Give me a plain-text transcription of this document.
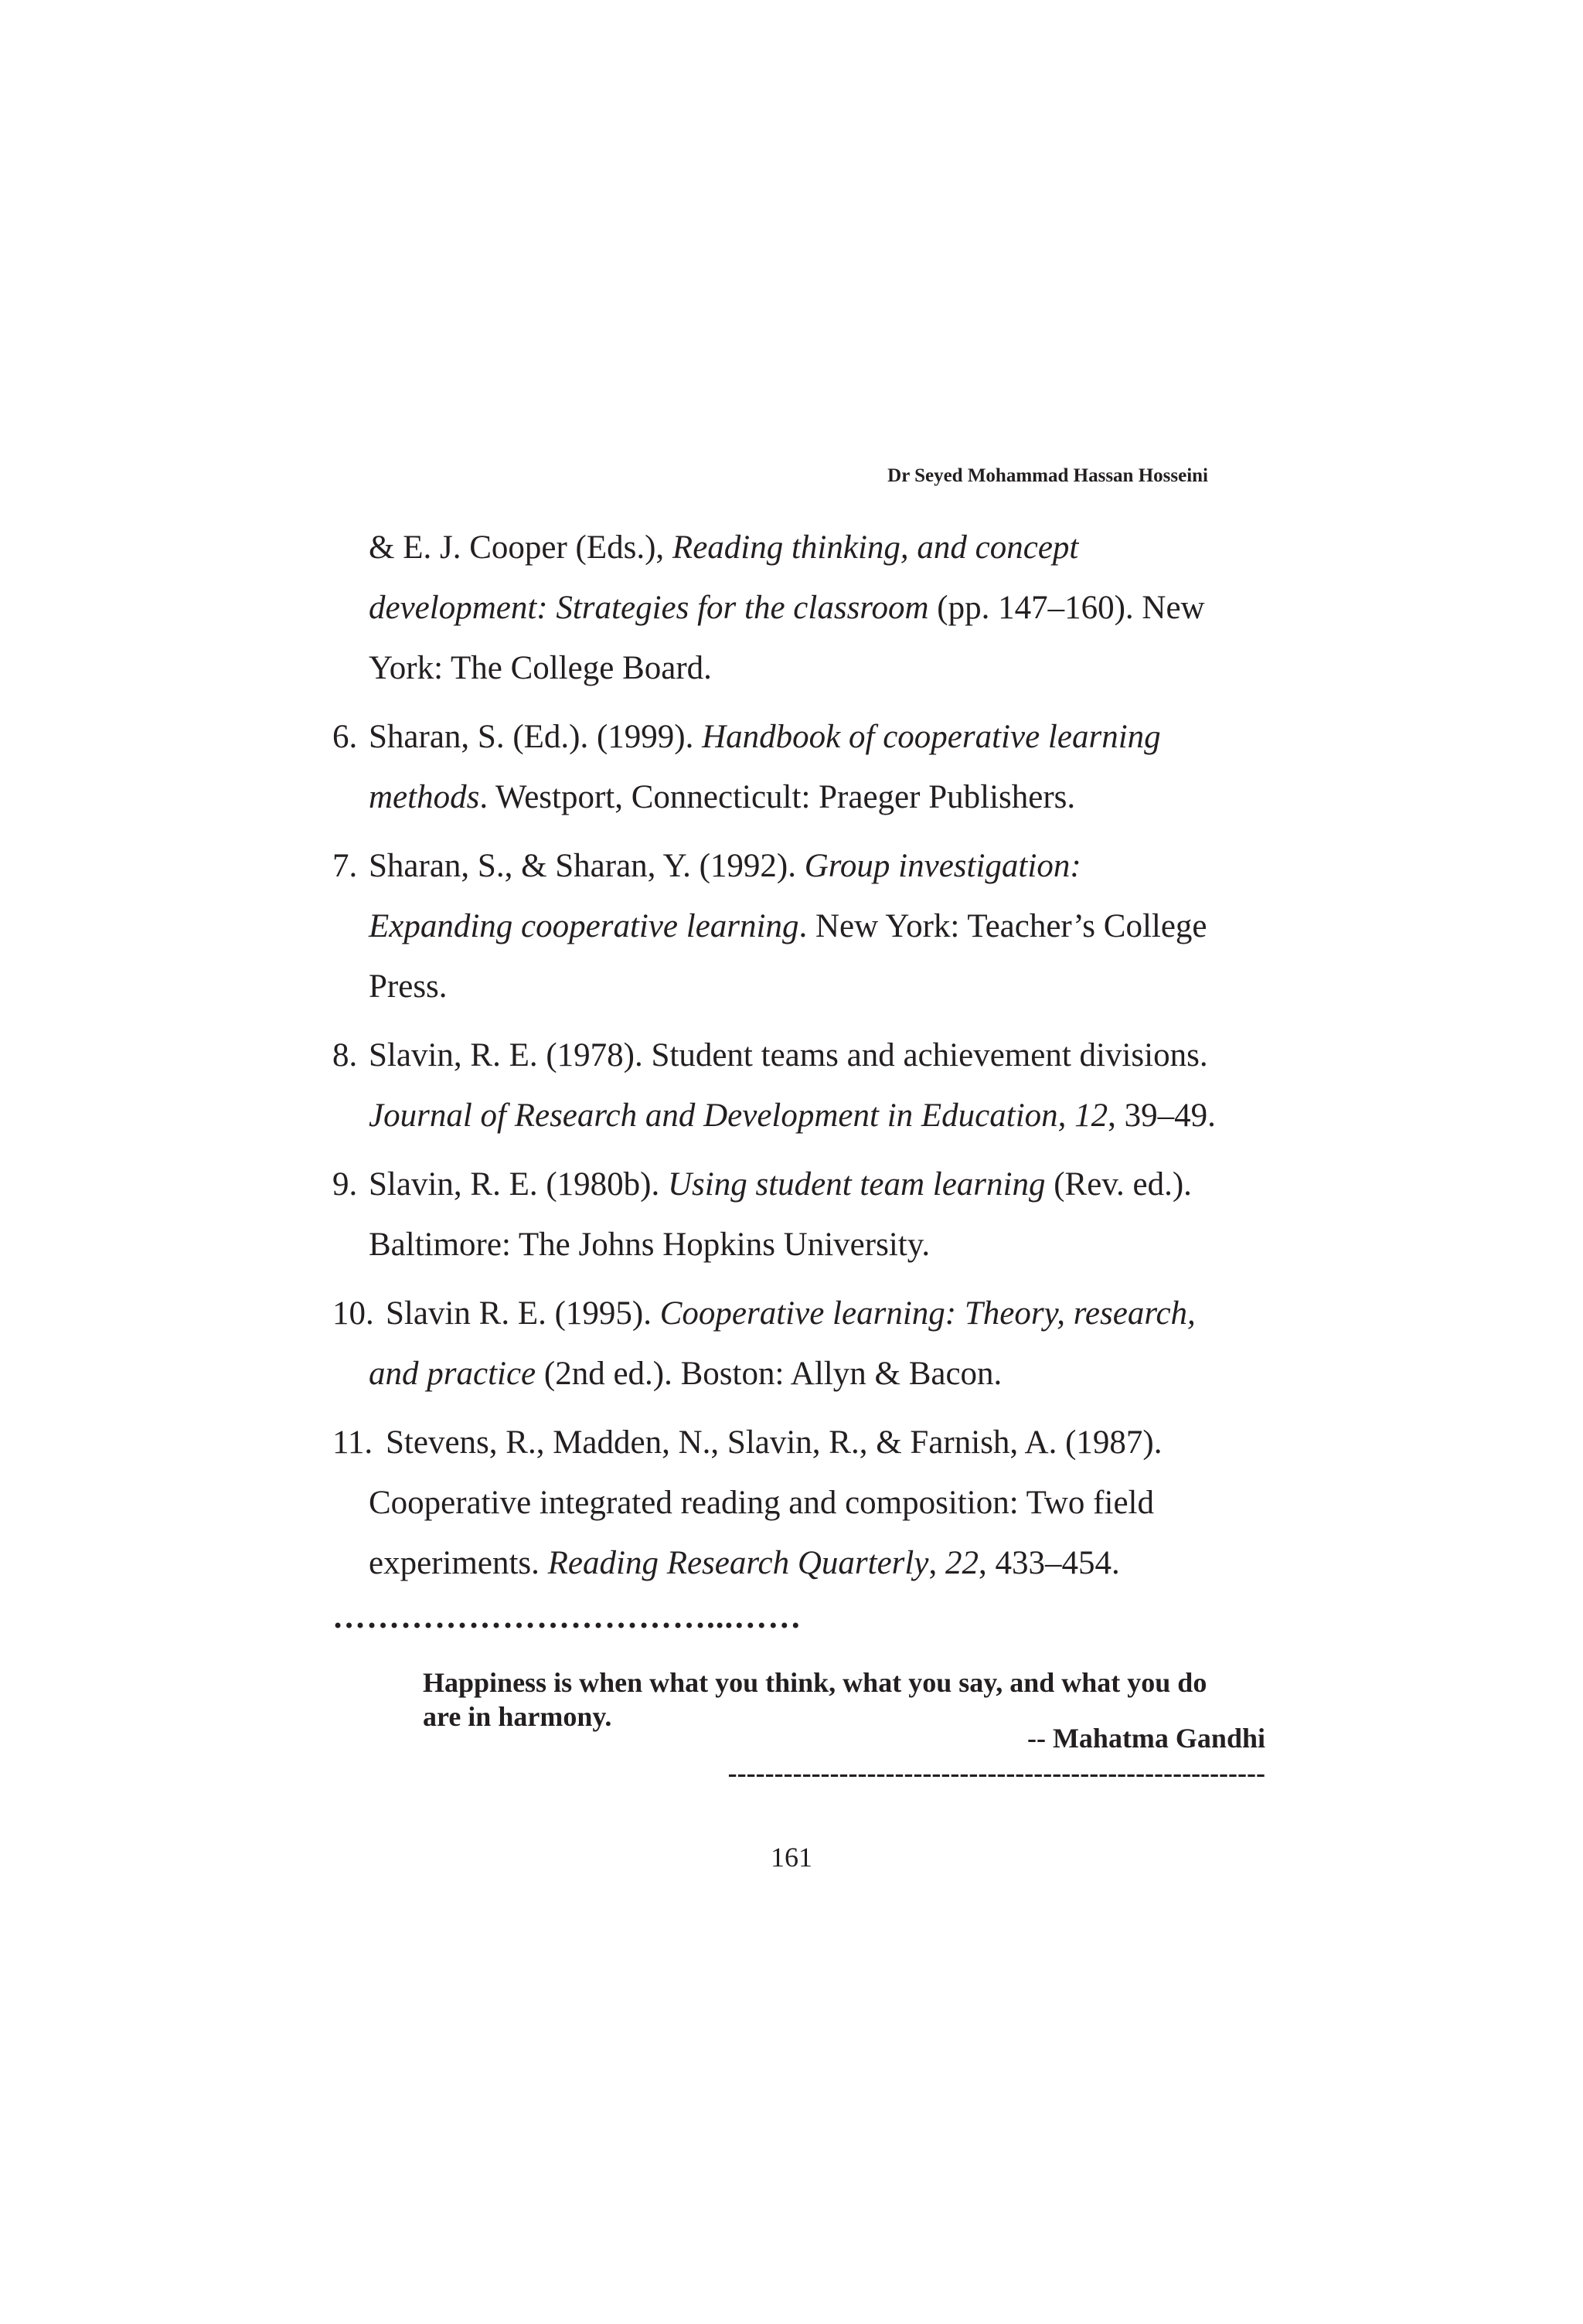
Dr Seyed Mohammad Hassan Hosseini
& E. J. Cooper (Eds.), Reading thinking, and concept
development: Strategies for the classroom (pp. 147–160). New
York: The College Board.
6. Sharan, S. (Ed.). (1999). Handbook of cooperative learning
methods. Westport, Connecticult: Praeger Publishers.
7. Sharan, S., & Sharan, Y. (1992). Group investigation:
Expanding cooperative learning. New York: Teacher’s College
Press.
8. Slavin, R. E. (1978). Student teams and achievement divisions.
Journal of Research and Development in Education, 12, 39–49.
9. Slavin, R. E. (1980b). Using student team learning (Rev. ed.).
Baltimore: The Johns Hopkins University.
10. Slavin R. E. (1995). Cooperative learning: Theory, research,
and practice (2nd ed.). Boston: Allyn & Bacon.
11. Stevens, R., Madden, N., Slavin, R., & Farnish, A. (1987).
Cooperative integrated reading and composition: Two field
experiments. Reading Research Quarterly, 22, 433–454.
……………………………...……
Happiness is when what you think, what you say, and what you do
are in harmony.
-- Mahatma Gandhi
----------------------------------------------------------
161
